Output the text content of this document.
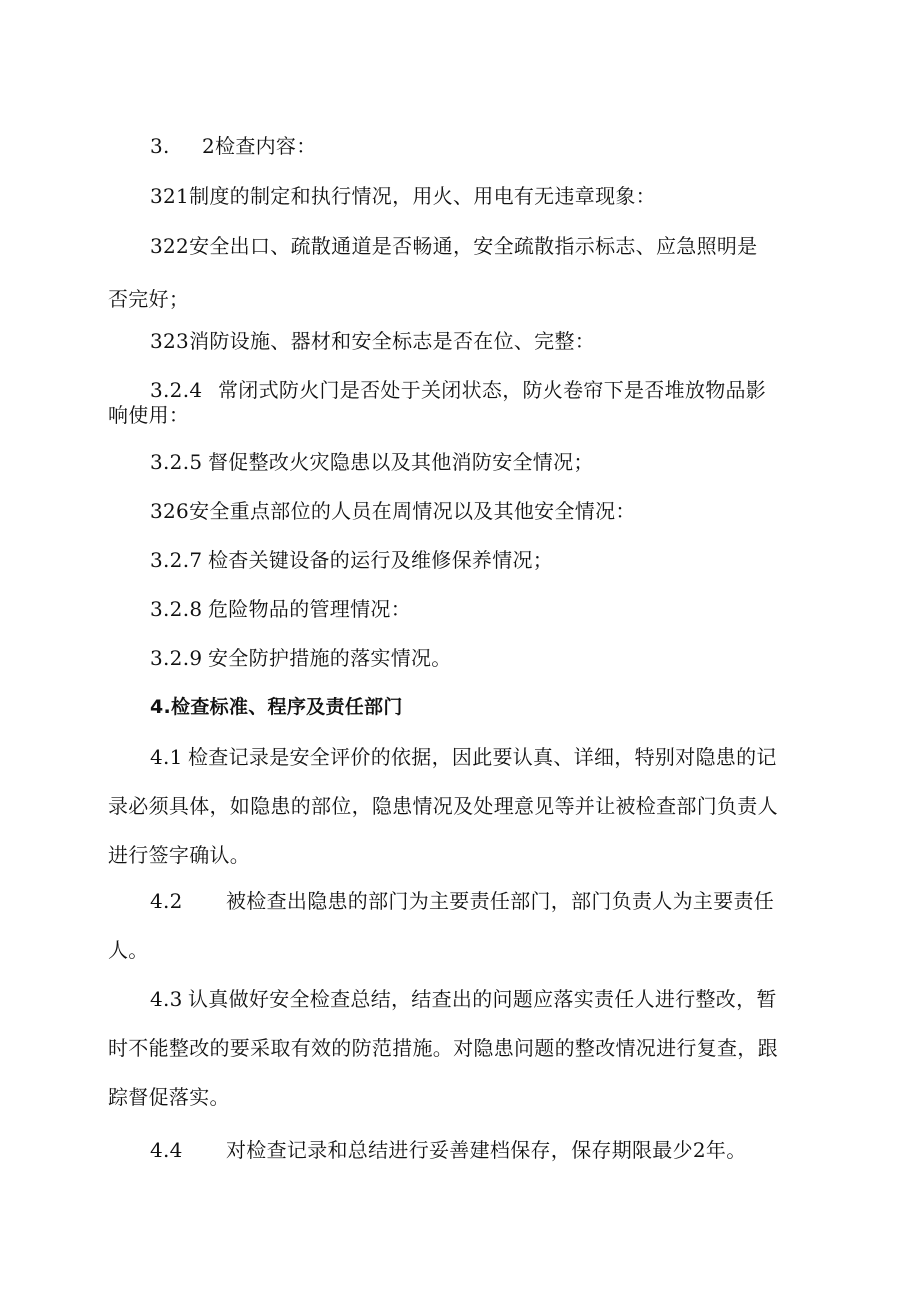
3. 2检查内容：
321制度的制定和执行情况，用火、用电有无违章现象：
322安全出口、疏散通道是否畅通，安全疏散指示标志、应急照明是
否完好；
323消防设施、器材和安全标志是否在位、完整：
3.2.4 常闭式防火门是否处于关闭状态，防火卷帘下是否堆放物品影
响使用：
3.2.5 督促整改火灾隐患以及其他消防安全情况；
326安全重点部位的人员在周情况以及其他安全情况：
3.2.7 检杳关键设备的运行及维修保养情况；
3.2.8 危险物品的管理情况：
3.2.9 安全防护措施的落实情况。
4.检查标准、程序及责任部门
4.1 检查记录是安全评价的依据，因此要认真、详细，特别对隐患的记
录必须具体，如隐患的部位，隐患情况及处理意见等并让被检查部门负责人
进行签字确认。
4.2 被检查出隐患的部门为主要责任部门，部门负责人为主要责任
人。
4.3 认真做好安全检查总结，结查出的问题应落实责任人进行整改，暂
时不能整改的要采取有效的防范措施。对隐患问题的整改情况进行复查，跟
踪督促落实。
4.4 对检查记录和总结进行妥善建档保存，保存期限最少2年。
